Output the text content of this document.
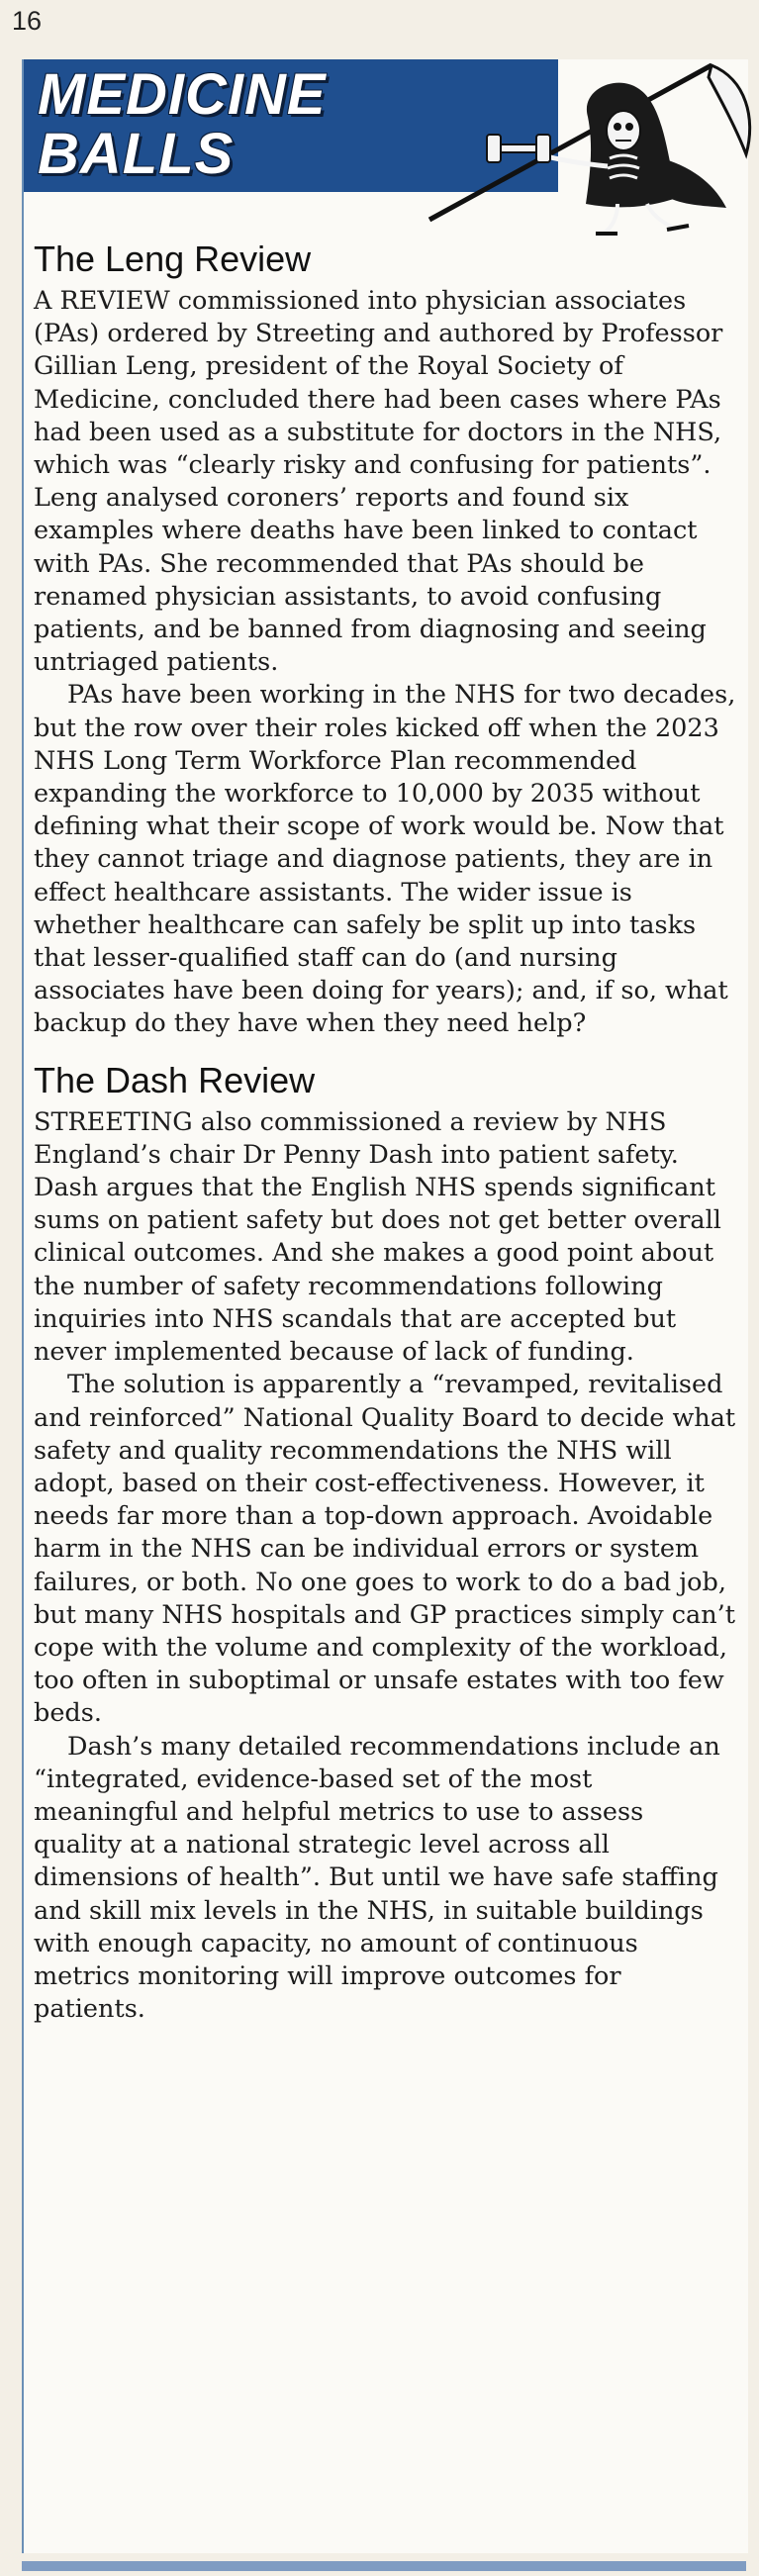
16
MEDICINE
BALLS
The Leng Review

A REVIEW commissioned into physician associates (PAs) ordered by Streeting and authored by Professor Gillian Leng, president of the Royal Society of Medicine, concluded there had been cases where PAs had been used as a substitute for doctors in the NHS, which was “clearly risky and confusing for patients”. Leng analysed coroners’ reports and found six examples where deaths have been linked to contact with PAs. She recommended that PAs should be renamed physician assistants, to avoid confusing patients, and be banned from diagnosing and seeing untriaged patients.

PAs have been working in the NHS for two decades, but the row over their roles kicked off when the 2023 NHS Long Term Workforce Plan recommended expanding the workforce to 10,000 by 2035 without defining what their scope of work would be. Now that they cannot triage and diagnose patients, they are in effect healthcare assistants. The wider issue is whether healthcare can safely be split up into tasks that lesser-qualified staff can do (and nursing associates have been doing for years); and, if so, what backup do they have when they need help?

The Dash Review

STREETING also commissioned a review by NHS England’s chair Dr Penny Dash into patient safety. Dash argues that the English NHS spends significant sums on patient safety but does not get better overall clinical outcomes. And she makes a good point about the number of safety recommendations following inquiries into NHS scandals that are accepted but never implemented because of lack of funding.

The solution is apparently a “revamped, revitalised and reinforced” National Quality Board to decide what safety and quality recommendations the NHS will adopt, based on their cost-effectiveness. However, it needs far more than a top-down approach. Avoidable harm in the NHS can be individual errors or system failures, or both. No one goes to work to do a bad job, but many NHS hospitals and GP practices simply can’t cope with the volume and complexity of the workload, too often in suboptimal or unsafe estates with too few beds.

Dash’s many detailed recommendations include an “integrated, evidence-based set of the most meaningful and helpful metrics to use to assess quality at a national strategic level across all dimensions of health”. But until we have safe staffing and skill mix levels in the NHS, in suitable buildings with enough capacity, no amount of continuous metrics monitoring will improve outcomes for patients.
